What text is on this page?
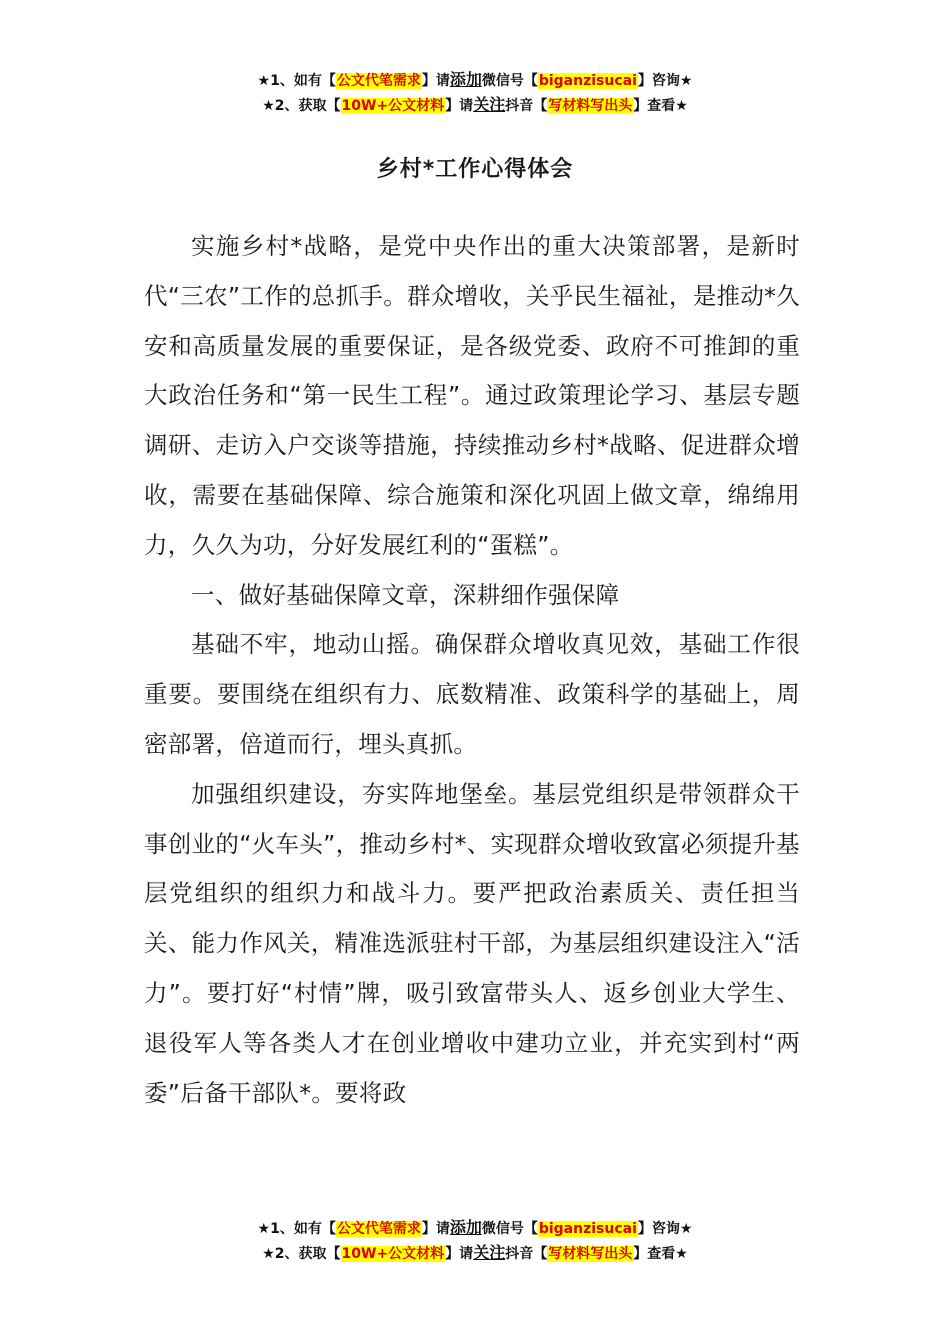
★1、如有【公文代笔需求】请添加微信号【biganzisucai】咨询★
★2、获取【10W+公文材料】请关注抖音【写材料写出头】查看★
乡村*工作心得体会

实施乡村*战略，是党中央作出的重大决策部署，是新时代“三农”工作的总抓手。群众增收，关乎民生福祉，是推动*久安和高质量发展的重要保证，是各级党委、政府不可推卸的重大政治任务和“第一民生工程”。通过政策理论学习、基层专题调研、走访入户交谈等措施，持续推动乡村*战略、促进群众增收，需要在基础保障、综合施策和深化巩固上做文章，绵绵用力，久久为功，分好发展红利的“蛋糕”。

一、做好基础保障文章，深耕细作强保障

基础不牢，地动山摇。确保群众增收真见效，基础工作很重要。要围绕在组织有力、底数精准、政策科学的基础上，周密部署，倍道而行，埋头真抓。

加强组织建设，夯实阵地堡垒。基层党组织是带领群众干事创业的“火车头”，推动乡村*、实现群众增收致富必须提升基层党组织的组织力和战斗力。要严把政治素质关、责任担当关、能力作风关，精准选派驻村干部，为基层组织建设注入“活力”。要打好“村情”牌，吸引致富带头人、返乡创业大学生、退役军人等各类人才在创业增收中建功立业，并充实到村“两委”后备干部队*。要将政

★1、如有【公文代笔需求】请添加微信号【biganzisucai】咨询★
★2、获取【10W+公文材料】请关注抖音【写材料写出头】查看★
